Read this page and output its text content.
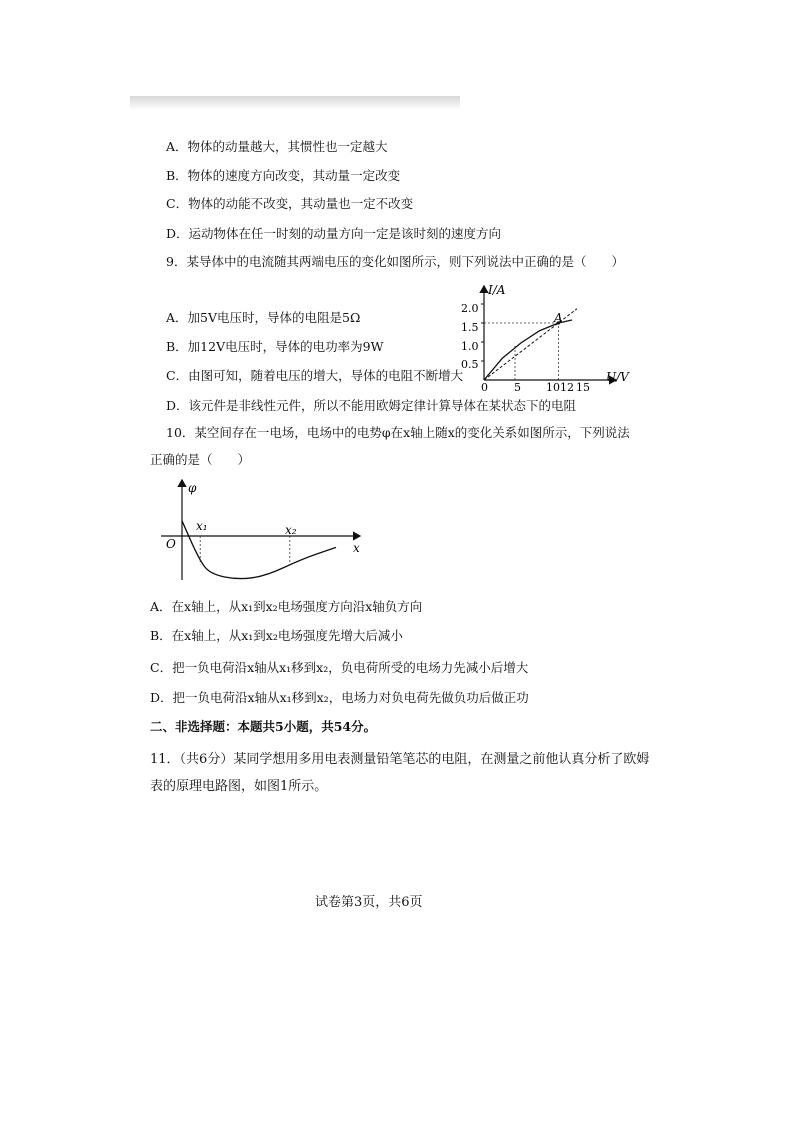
A．物体的动量越大，其惯性也一定越大
B．物体的速度方向改变，其动量一定改变
C．物体的动能不改变，其动量也一定不改变
D．运动物体在任一时刻的动量方向一定是该时刻的速度方向
9．某导体中的电流随其两端电压的变化如图所示，则下列说法中正确的是（　　）
A．加5V电压时，导体的电阻是5Ω
B．加12V电压时，导体的电功率为9W
C．由图可知，随着电压的增大，导体的电阻不断增大
D．该元件是非线性元件，所以不能用欧姆定律计算导体在某状态下的电阻
I/A
U/V
0
2.0
1.5
1.0
0.5
5 1012 15
A
10．某空间存在一电场，电场中的电势φ在x轴上随x的变化关系如图所示，下列说法
正确的是（　　）
φ
x
O
x₁	x₂
A．在x轴上，从x₁到x₂电场强度方向沿x轴负方向
B．在x轴上，从x₁到x₂电场强度先增大后减小
C．把一负电荷沿x轴从x₁移到x₂，负电荷所受的电场力先减小后增大
D．把一负电荷沿x轴从x₁移到x₂，电场力对负电荷先做负功后做正功
二、非选择题：本题共5小题，共54分。
11．（共6分）某同学想用多用电表测量铅笔笔芯的电阻，在测量之前他认真分析了欧姆
表的原理电路图，如图1所示。
试卷第3页，共6页
